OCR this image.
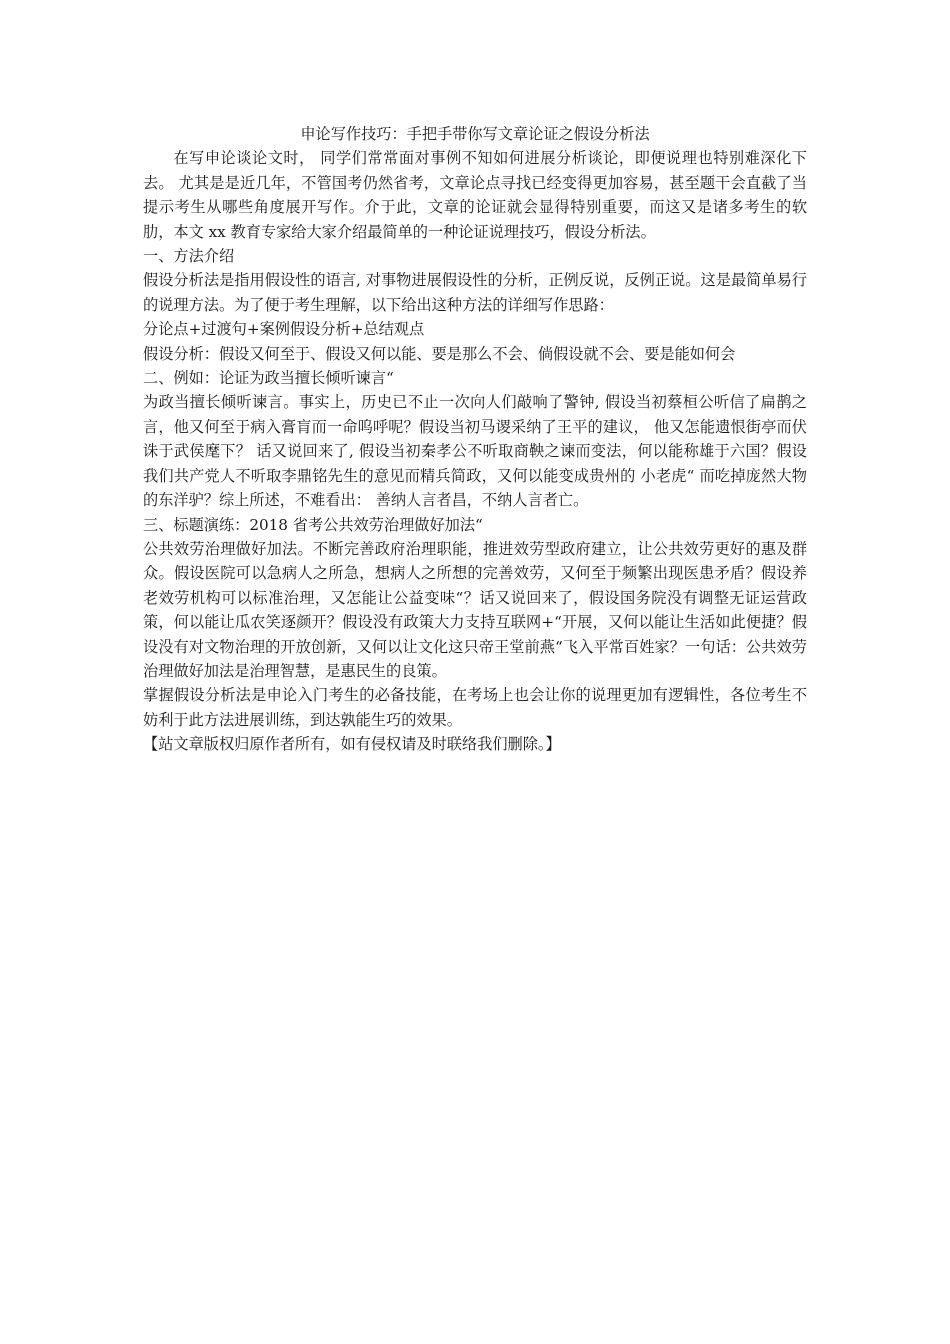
申论写作技巧：手把手带你写文章论证之假设分析法

在写申论谈论文时， 同学们常常面对事例不知如何进展分析谈论，即便说理也特别难深化下去。 尤其是是近几年，不管国考仍然省考，文章论点寻找已经变得更加容易，甚至题干会直截了当提示考生从哪些角度展开写作。介于此，文章的论证就会显得特别重要，而这又是诸多考生的软肋，本文 xx 教育专家给大家介绍最简单的一种论证说理技巧，假设分析法。

一、方法介绍

假设分析法是指用假设性的语言, 对事物进展假设性的分析，正例反说，反例正说。这是最简单易行的说理方法。为了便于考生理解，以下给出这种方法的详细写作思路：

分论点+过渡句+案例假设分析+总结观点

假设分析：假设又何至于、假设又何以能、要是那么不会、倘假设就不会、要是能如何会

二、例如：论证为政当擅长倾听谏言“

为政当擅长倾听谏言。事实上，历史已不止一次向人们敲响了警钟, 假设当初蔡桓公听信了扁鹊之言，他又何至于病入膏肓而一命呜呼呢？假设当初马谡采纳了王平的建议， 他又怎能遗恨街亭而伏诛于武侯麾下？ 话又说回来了, 假设当初秦孝公不听取商鞅之谏而变法，何以能称雄于六国？假设我们共产党人不听取李鼎铭先生的意见而精兵简政，又何以能变成贵州的 小老虎“ 而吃掉庞然大物的东洋驴？综上所述，不难看出： 善纳人言者昌，不纳人言者亡。

三、标题演练：2018 省考公共效劳治理做好加法“

公共效劳治理做好加法。不断完善政府治理职能，推进效劳型政府建立，让公共效劳更好的惠及群众。假设医院可以急病人之所急，想病人之所想的完善效劳，又何至于频繁出现医患矛盾？假设养老效劳机构可以标准治理，又怎能让公益变味“？话又说回来了，假设国务院没有调整无证运营政策，何以能让瓜农笑逐颜开？假设没有政策大力支持互联网+“开展，又何以能让生活如此便捷？假设没有对文物治理的开放创新，又何以让文化这只帝王堂前燕“飞入平常百姓家？一句话：公共效劳治理做好加法是治理智慧，是惠民生的良策。

掌握假设分析法是申论入门考生的必备技能，在考场上也会让你的说理更加有逻辑性，各位考生不妨利于此方法进展训练，到达孰能生巧的效果。

【站文章版权归原作者所有，如有侵权请及时联络我们删除。】
